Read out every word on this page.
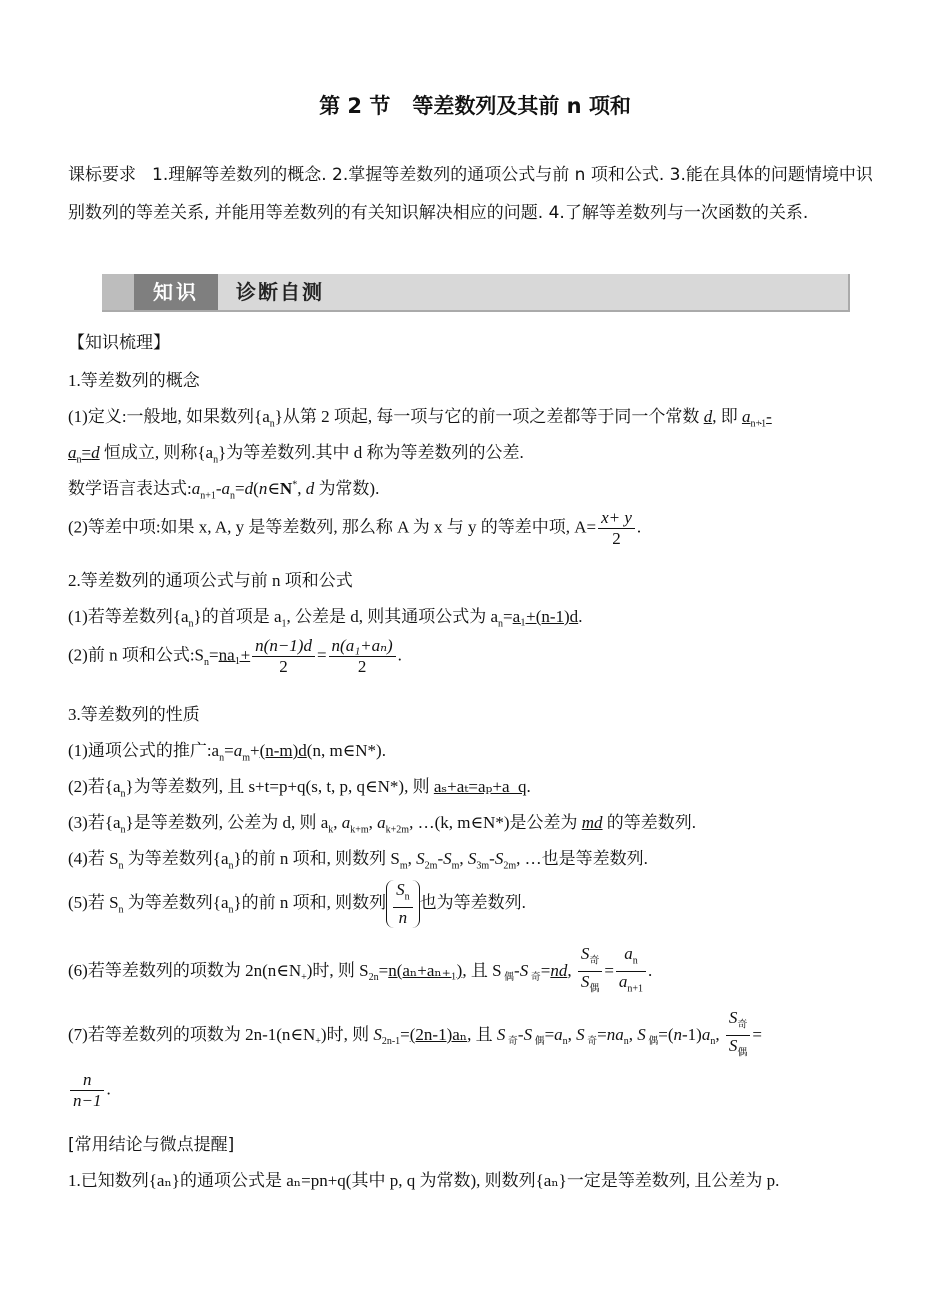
第 2 节 等差数列及其前 n 项和
课标要求 1.理解等差数列的概念. 2.掌握等差数列的通项公式与前 n 项和公式. 3.能在具体的问题情境中识别数列的等差关系, 并能用等差数列的有关知识解决相应的问题. 4.了解等差数列与一次函数的关系.
知识	诊断自测
【知识梳理】
1.等差数列的概念
(1)定义:一般地, 如果数列$\{a_n\}$从第 2 项起, 每一项与它的前一项之差都等于同一个常数 d, 即 $a_{n+1}-$
$a_n=d$ 恒成立, 则称$\{a_n\}$为等差数列.其中 d 称为等差数列的公差.
数学语言表达式$:a_{n+1}-a_n=d(n\in N^*$, d 为常数).
(2)等差中项:如果 x, A, y 是等差数列, 那么称 A 为 x 与 y 的等差中项, $A= \frac{x+ y}{2}$ .
2.等差数列的通项公式与前 n 项和公式
(1)若等差数列$\{a_n\}$的首项是 $a_1$, 公差是 d, 则其通项公式为 $a_n=a_1+(n-1)d$.
(2)前 n 项和公式$:S_n=na_1+ \frac{n(n-1)d}{2} = \frac{\text{n(a₁+aₙ)}}{2}$ .
3.等差数列的性质
(1)通项公式的推广$:a_n=a_m+(n-m)d(n$, m∈N*).
(2)若$\{a_n\}$为等差数列, 且 s+t=p+q(s, t, p, q∈N*), 则 aₛ+aₜ=aₚ+a_q.
(3)若$\{a_n\}$是等差数列, 公差为 d, 则 $a_k$, $a_{k+m}$, $a_{k+2m}$, …(k, m∈N*)是公差为 md 的等差数列.
(4)若 $S_n$ 为等差数列$\{a_n\}$的前 n 项和, 则数列 $S_m$, $S_{2m}-S_m$, $S_{3m}-S_{2m}$, …也是等差数列.
(5)若 $S_n$ 为等差数列$\{a_n\}$的前 n 项和, 则数列 $\frac{S_n}{n}$ 也为等差数列.
(6)若等差数列的项数为 $2n(n\in N_+)$时, 则 $S_{2n}=n(a_n+a_{n+1})$, 且 S $_偶$-S $_奇$=nd, $\frac{S_奇}{S_偶} = \frac{a_n}{a_{n+1}}$ .
(7)若等差数列的项数为 $2n-1(n\in N_+)$时, 则 $S_{2n-1}=(2n-1)a_n$, 且 S $_奇$-S $_偶=a_n$, S $_奇=na_n$, S $_偶=(n-1)a_n$, $\frac{S_奇}{S_偶}$ =
$\frac{n}{n-1}$ .
[常用结论与微点提醒]
1.已知数列{aₙ}的通项公式是 aₙ=pn+q(其中 p, q 为常数), 则数列{aₙ}一定是等差数列, 且公差为 p.
